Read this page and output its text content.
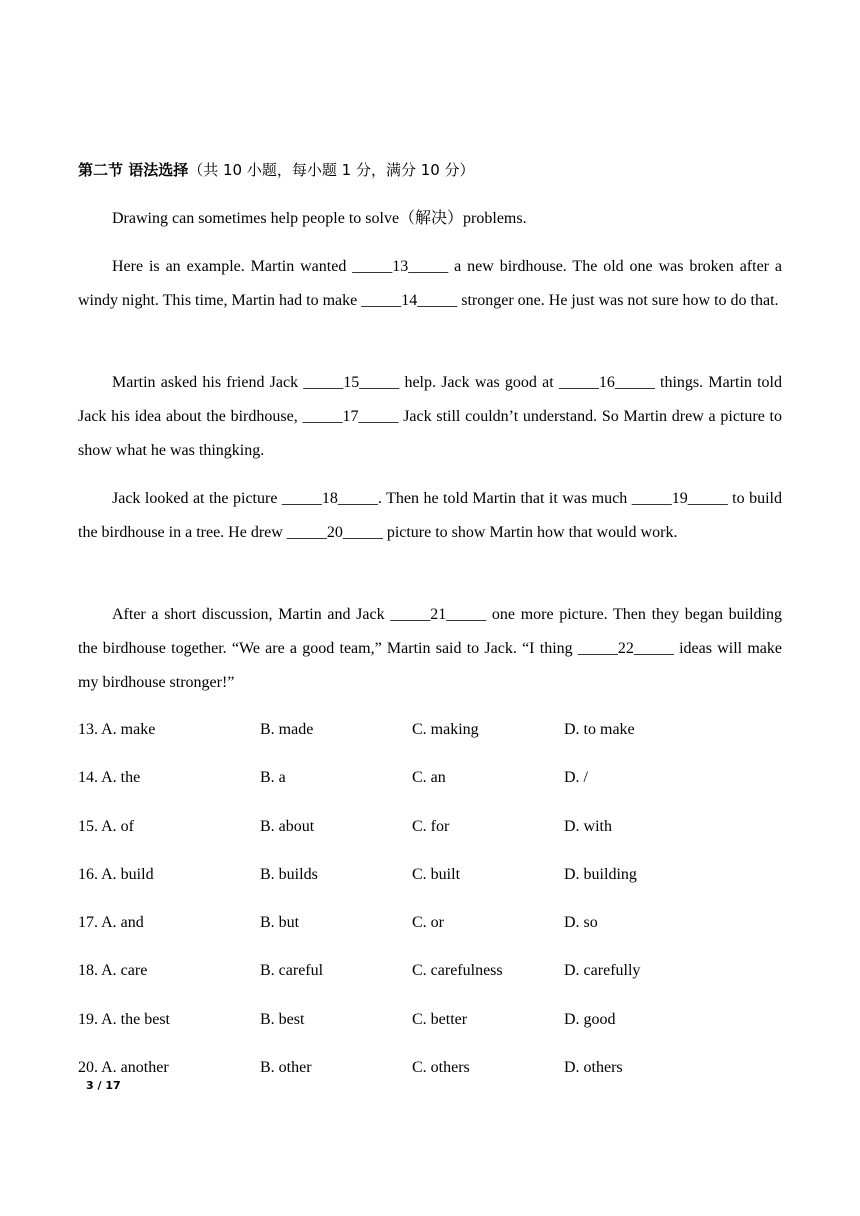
第二节 语法选择（共 10 小题，每小题 1 分，满分 10 分）

Drawing can sometimes help people to solve（解决）problems.

Here is an example. Martin wanted _____13_____ a new birdhouse. The old one was broken after a windy night. This time, Martin had to make _____14_____ stronger one. He just was not sure how to do that.

Martin asked his friend Jack _____15_____ help. Jack was good at _____16_____ things. Martin told Jack his idea about the birdhouse, _____17_____ Jack still couldn’t understand. So Martin drew a picture to show what he was thingking.

Jack looked at the picture _____18_____. Then he told Martin that it was much _____19_____ to build the birdhouse in a tree. He drew _____20_____ picture to show Martin how that would work.

After a short discussion, Martin and Jack _____21_____ one more picture. Then they began building the birdhouse together. “We are a good team,” Martin said to Jack. “I thing _____22_____ ideas will make my birdhouse stronger!”

13. A. make	B. made	C. making	D. to make
14. A. the	B. a	C. an	D. /
15. A. of	B. about	C. for	D. with
16. A. build	B. builds	C. built	D. building
17. A. and	B. but	C. or	D. so
18. A. care	B. careful	C. carefulness	D. carefully
19. A. the best	B. best	C. better	D. good
20. A. another	B. other	C. others	D. others
3 / 17
